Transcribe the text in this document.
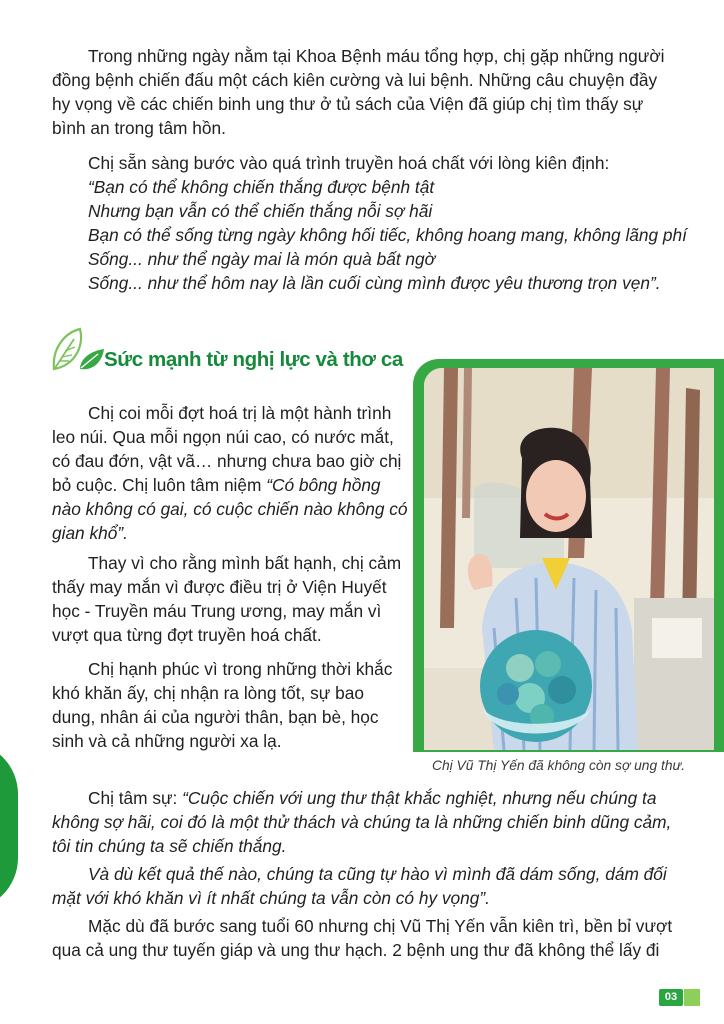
Trong những ngày nằm tại Khoa Bệnh máu tổng hợp, chị gặp những người

đồng bệnh chiến đấu một cách kiên cường và lui bệnh. Những câu chuyện đầy

hy vọng về các chiến binh ung thư ở tủ sách của Viện đã giúp chị tìm thấy sự

bình an trong tâm hồn.

Chị sẵn sàng bước vào quá trình truyền hoá chất với lòng kiên định:

“Bạn có thể không chiến thắng được bệnh tật

Nhưng bạn vẫn có thể chiến thắng nỗi sợ hãi

Bạn có thể sống từng ngày không hối tiếc, không hoang mang, không lãng phí

Sống... như thể ngày mai là món quà bất ngờ

Sống... như thể hôm nay là lần cuối cùng mình được yêu thương trọn vẹn”.

Sức mạnh từ nghị lực và thơ ca

Chị coi mỗi đợt hoá trị là một hành trình

leo núi. Qua mỗi ngọn núi cao, có nước mắt,

có đau đớn, vật vã… nhưng chưa bao giờ chị

bỏ cuộc. Chị luôn tâm niệm “Có bông hồng

nào không có gai, có cuộc chiến nào không có

gian khổ”.

Thay vì cho rằng mình bất hạnh, chị cảm

thấy may mắn vì được điều trị ở Viện Huyết

học - Truyền máu Trung ương, may mắn vì

vượt qua từng đợt truyền hoá chất.

Chị hạnh phúc vì trong những thời khắc

khó khăn ấy, chị nhận ra lòng tốt, sự bao

dung, nhân ái của người thân, bạn bè, học

sinh và cả những người xa lạ.

Chị Vũ Thị Yến đã không còn sợ ung thư.

Chị tâm sự: “Cuộc chiến với ung thư thật khắc nghiệt, nhưng nếu chúng ta

không sợ hãi, coi đó là một thử thách và chúng ta là những chiến binh dũng cảm,

tôi tin chúng ta sẽ chiến thắng.

Và dù kết quả thế nào, chúng ta cũng tự hào vì mình đã dám sống, dám đối

mặt với khó khăn vì ít nhất chúng ta vẫn còn có hy vọng”.

Mặc dù đã bước sang tuổi 60 nhưng chị Vũ Thị Yến vẫn kiên trì, bền bỉ vượt

qua cả ung thư tuyến giáp và ung thư hạch. 2 bệnh ung thư đã không thể lấy đi

03
